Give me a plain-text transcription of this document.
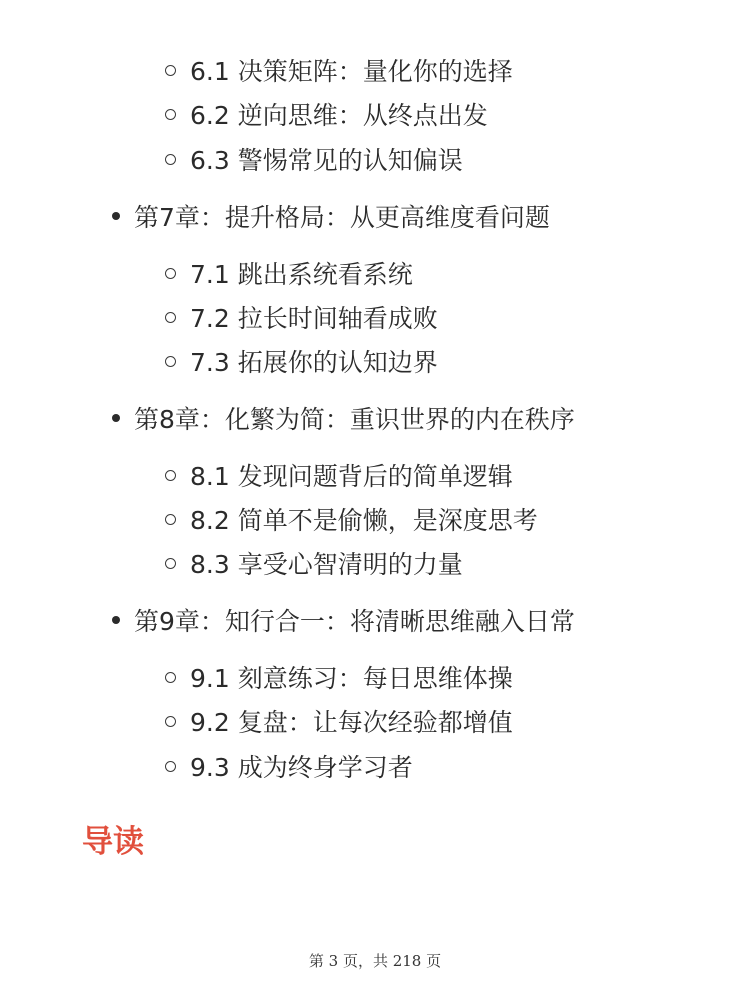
6.1 决策矩阵：量化你的选择
6.2 逆向思维：从终点出发
6.3 警惕常见的认知偏误
第7章：提升格局：从更高维度看问题
7.1 跳出系统看系统
7.2 拉长时间轴看成败
7.3 拓展你的认知边界
第8章：化繁为简：重识世界的内在秩序
8.1 发现问题背后的简单逻辑
8.2 简单不是偷懒，是深度思考
8.3 享受心智清明的力量
第9章：知行合一：将清晰思维融入日常
9.1 刻意练习：每日思维体操
9.2 复盘：让每次经验都增值
9.3 成为终身学习者
导读
第 3 页，共 218 页
